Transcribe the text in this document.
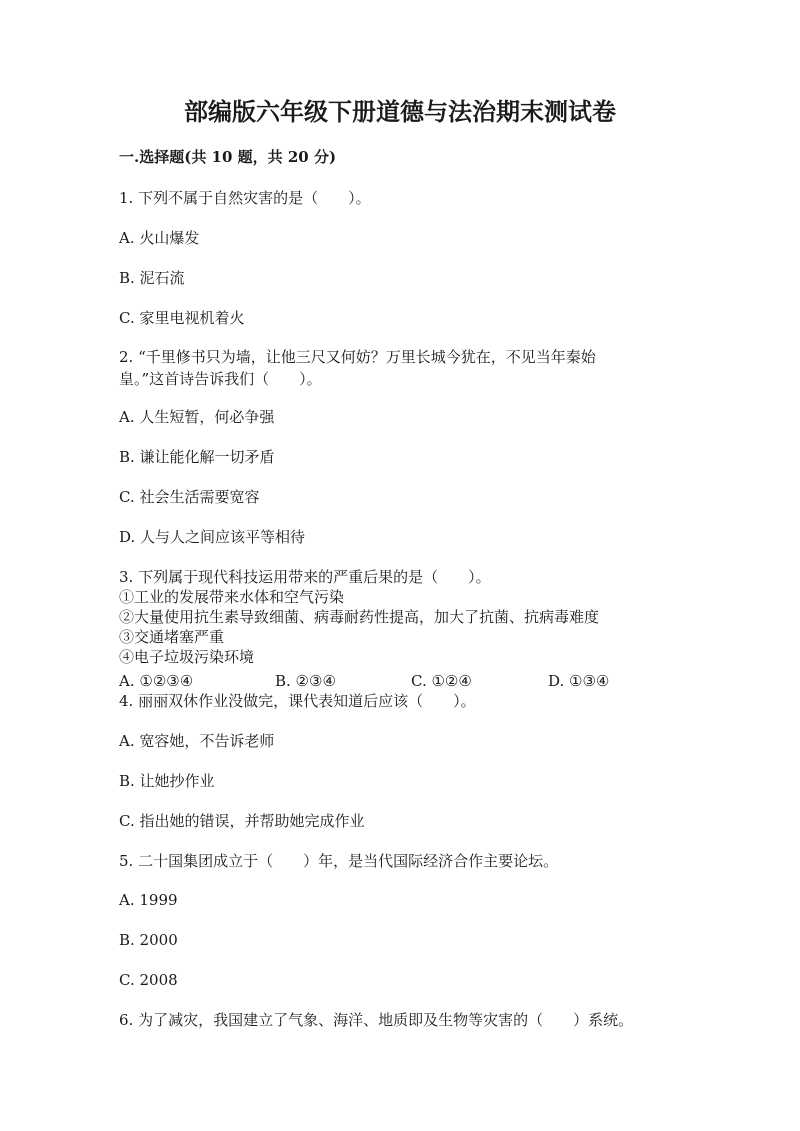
部编版六年级下册道德与法治期末测试卷
一.选择题(共 10 题，共 20 分)
1. 下列不属于自然灾害的是（　　）。
A. 火山爆发
B. 泥石流
C. 家里电视机着火
2. “千里修书只为墙，让他三尺又何妨？万里长城今犹在，不见当年秦始
皇。”这首诗告诉我们（　　）。
A. 人生短暂，何必争强
B. 谦让能化解一切矛盾
C. 社会生活需要宽容
D. 人与人之间应该平等相待
3. 下列属于现代科技运用带来的严重后果的是（　　）。
①工业的发展带来水体和空气污染
②大量使用抗生素导致细菌、病毒耐药性提高，加大了抗菌、抗病毒难度
③交通堵塞严重
④电子垃圾污染环境
A. ①②③④	B. ②③④	C. ①②④	D. ①③④
4. 丽丽双休作业没做完，课代表知道后应该（　　）。
A. 宽容她，不告诉老师
B. 让她抄作业
C. 指出她的错误，并帮助她完成作业
5. 二十国集团成立于（　　）年，是当代国际经济合作主要论坛。
A. 1999
B. 2000
C. 2008
6. 为了减灾，我国建立了气象、海洋、地质即及生物等灾害的（　　）系统。
